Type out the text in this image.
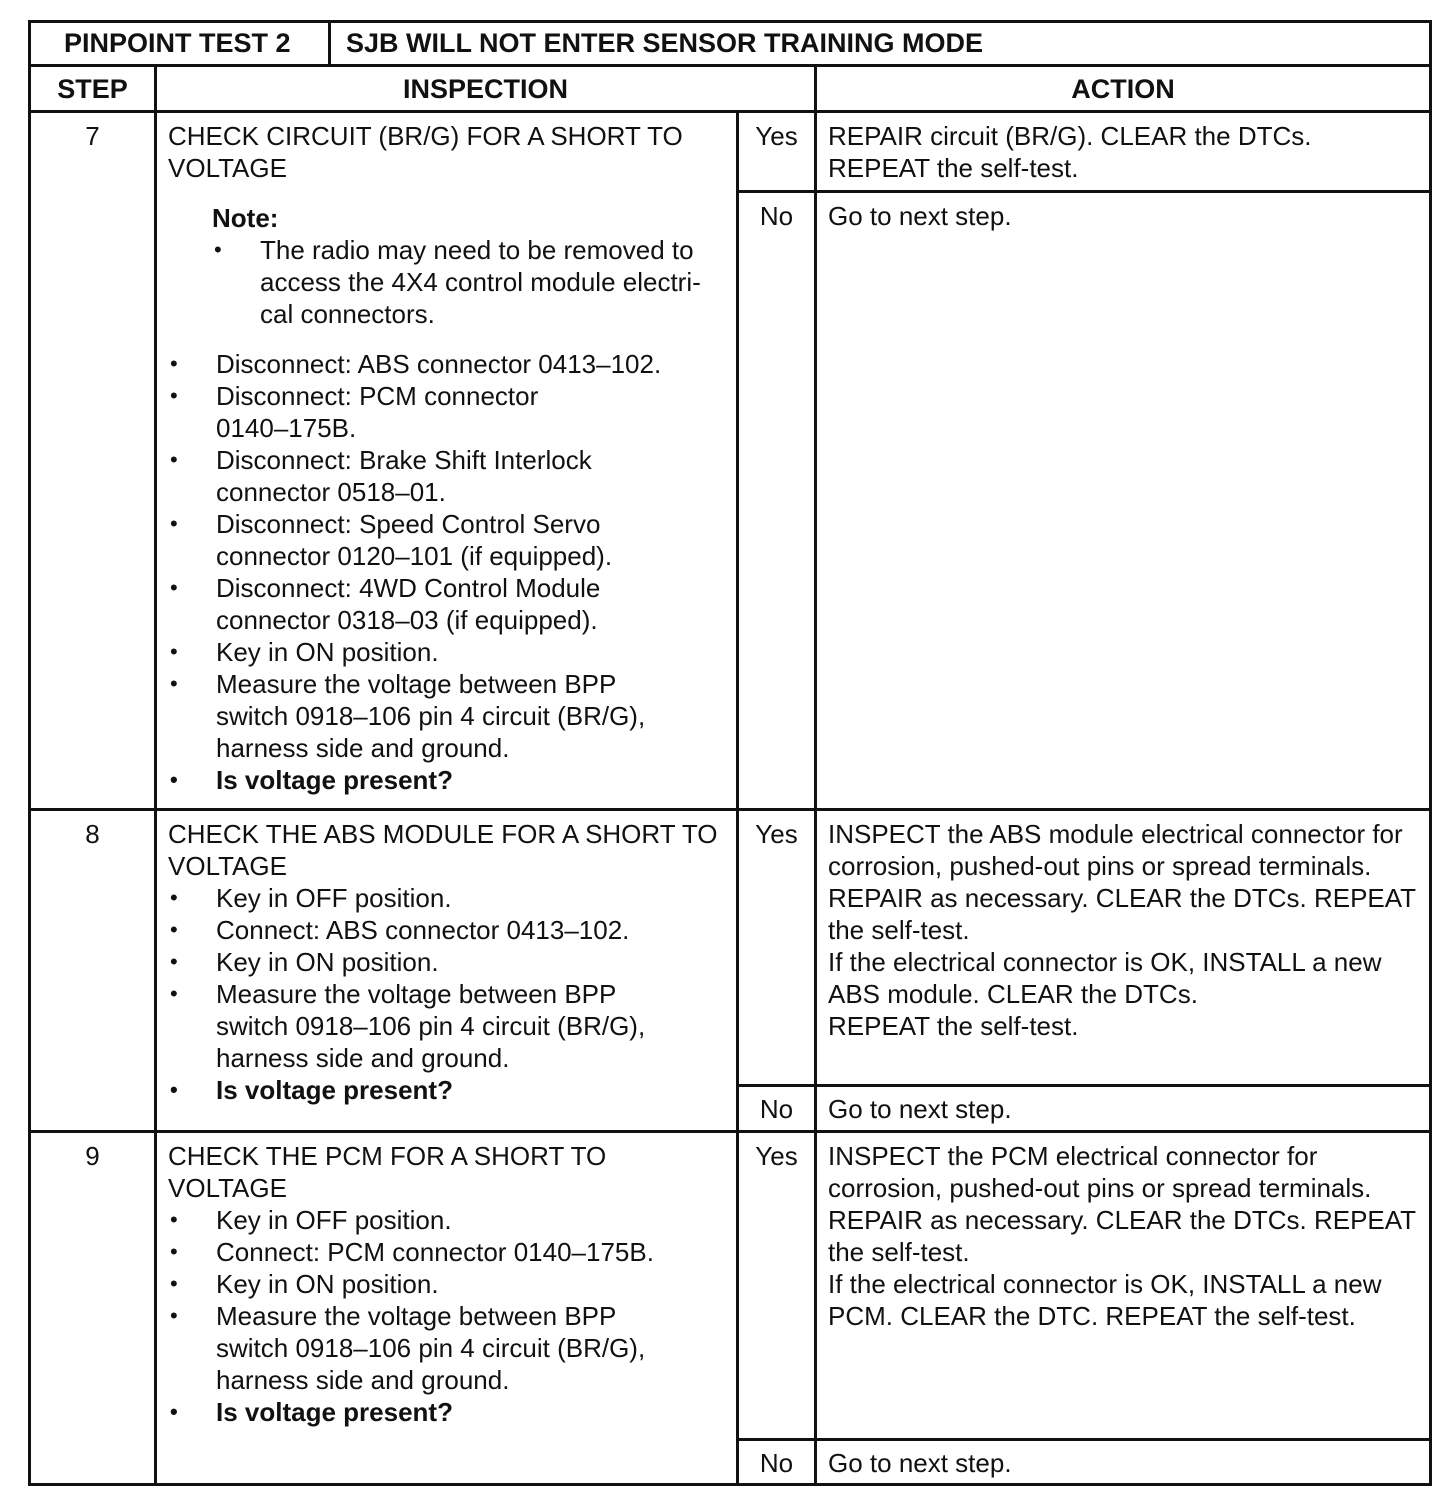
PINPOINT TEST 2	SJB WILL NOT ENTER SENSOR TRAINING MODE
STEP	INSPECTION	ACTION
7	CHECK CIRCUIT (BR/G) FOR A SHORT TO VOLTAGE

Note:
• The radio may need to be removed to access the 4X4 control module electri-cal connectors.
• Disconnect: ABS connector 0413–102.
• Disconnect: PCM connector 0140–175B.
• Disconnect: Brake Shift Interlock connector 0518–01.
• Disconnect: Speed Control Servo connector 0120–101 (if equipped).
• Disconnect: 4WD Control Module connector 0318–03 (if equipped).
• Key in ON position.
• Measure the voltage between BPP switch 0918–106 pin 4 circuit (BR/G), harness side and ground.
• Is voltage present?
Yes	REPAIR circuit (BR/G). CLEAR the DTCs. REPEAT the self-test.
No	Go to next step.
8	CHECK THE ABS MODULE FOR A SHORT TO VOLTAGE

• Key in OFF position.
• Connect: ABS connector 0413–102.
• Key in ON position.
• Measure the voltage between BPP switch 0918–106 pin 4 circuit (BR/G), harness side and ground.
• Is voltage present?
Yes	INSPECT the ABS module electrical connector for corrosion, pushed-out pins or spread terminals. REPAIR as necessary. CLEAR the DTCs. REPEAT the self-test.
If the electrical connector is OK, INSTALL a new ABS module. CLEAR the DTCs.
REPEAT the self-test.
No	Go to next step.
9	CHECK THE PCM FOR A SHORT TO VOLTAGE

• Key in OFF position.
• Connect: PCM connector 0140–175B.
• Key in ON position.
• Measure the voltage between BPP switch 0918–106 pin 4 circuit (BR/G), harness side and ground.
• Is voltage present?
Yes	INSPECT the PCM electrical connector for corrosion, pushed-out pins or spread terminals. REPAIR as necessary. CLEAR the DTCs. REPEAT the self-test.
If the electrical connector is OK, INSTALL a new PCM. CLEAR the DTC. REPEAT the self-test.
No	Go to next step.
